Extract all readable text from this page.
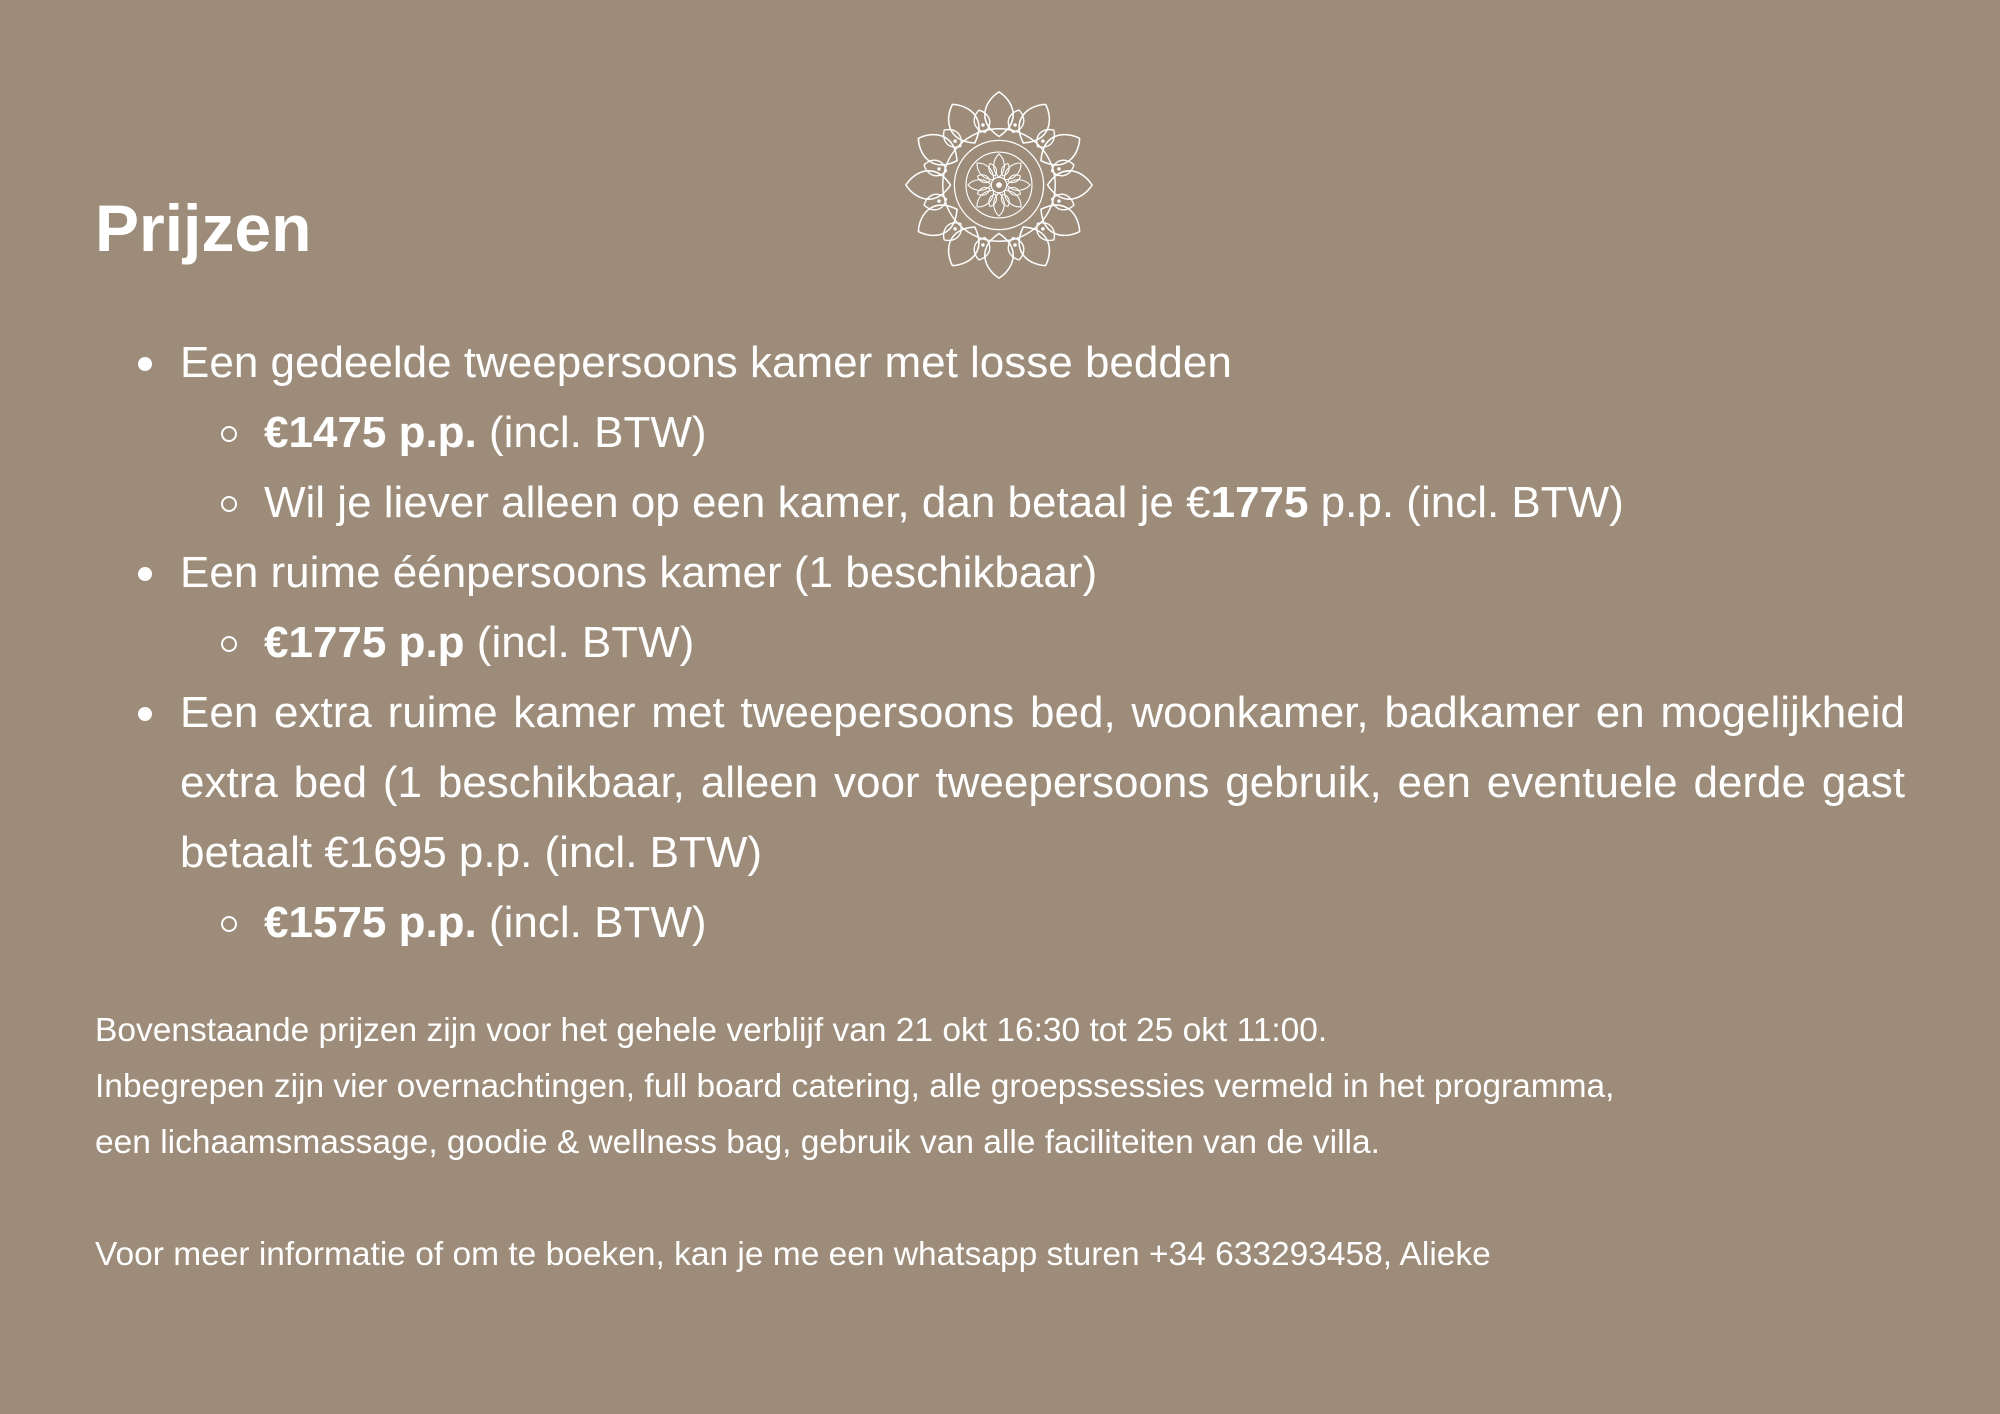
Prijzen
Een gedeelde tweepersoons kamer met losse bedden
€1475 p.p. (incl. BTW)
Wil je liever alleen op een kamer, dan betaal je €1775 p.p. (incl. BTW)
Een ruime éénpersoons kamer (1 beschikbaar)
€1775 p.p (incl. BTW)
Een extra ruime kamer met tweepersoons bed, woonkamer, badkamer en mogelijkheid extra bed (1 beschikbaar, alleen voor tweepersoons gebruik, een eventuele derde gast betaalt €1695 p.p. (incl. BTW)
€1575 p.p. (incl. BTW)

Bovenstaande prijzen zijn voor het gehele verblijf van 21 okt 16:30 tot 25 okt 11:00.

Inbegrepen zijn vier overnachtingen, full board catering, alle groepssessies vermeld in het programma,

een lichaamsmassage, goodie & wellness bag, gebruik van alle faciliteiten van de villa.

Voor meer informatie of om te boeken, kan je me een whatsapp sturen +34 633293458, Alieke
